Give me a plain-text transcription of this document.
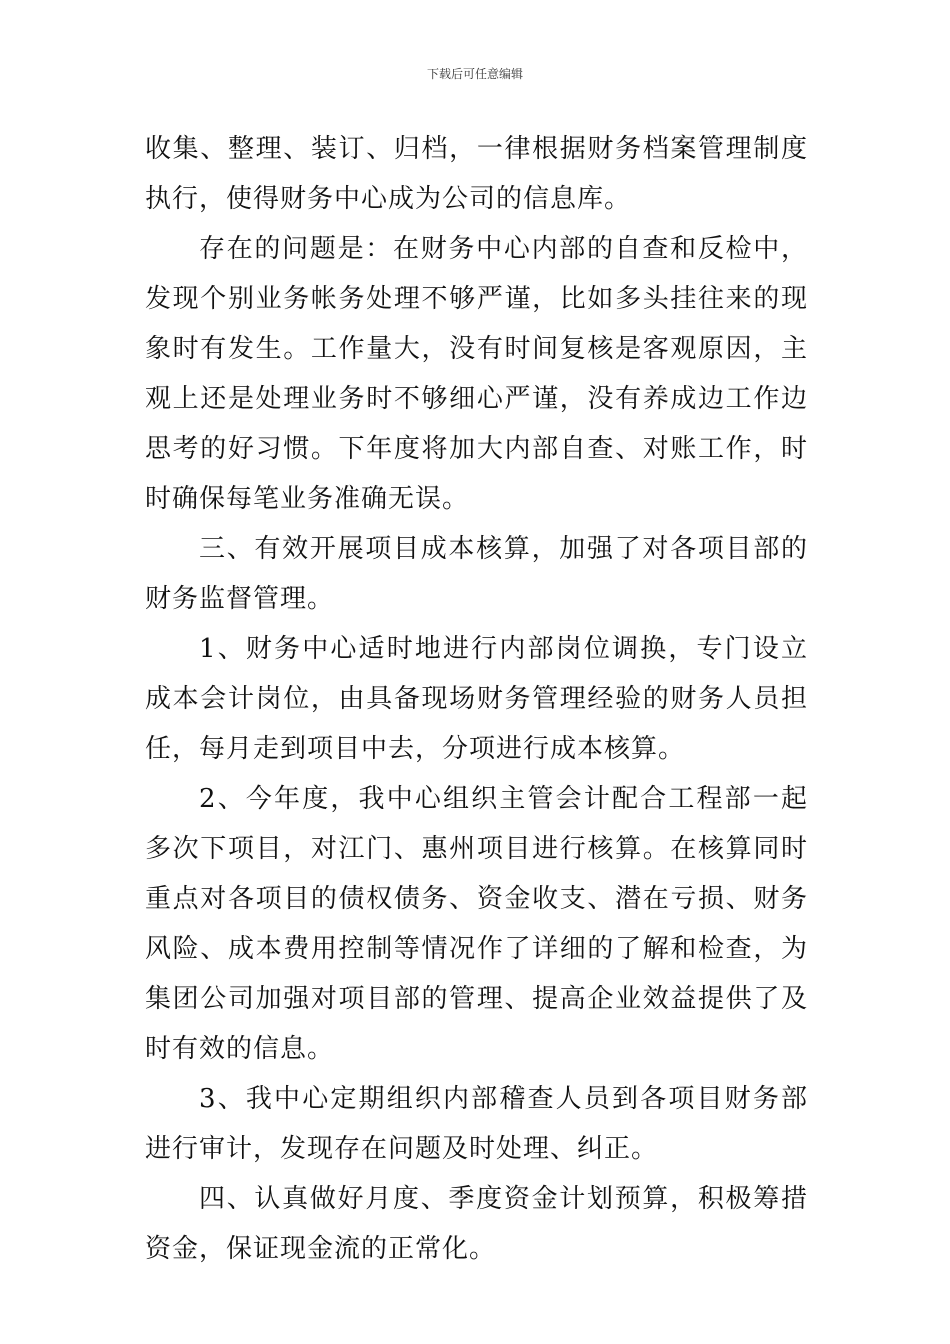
下载后可任意编辑

收集、整理、装订、归档，一律根据财务档案管理制度执行，使得财务中心成为公司的信息库。

存在的问题是：在财务中心内部的自查和反检中，发现个别业务帐务处理不够严谨，比如多头挂往来的现象时有发生。工作量大，没有时间复核是客观原因，主观上还是处理业务时不够细心严谨，没有养成边工作边思考的好习惯。下年度将加大内部自查、对账工作，时时确保每笔业务准确无误。

三、有效开展项目成本核算，加强了对各项目部的财务监督管理。

1、财务中心适时地进行内部岗位调换，专门设立成本会计岗位，由具备现场财务管理经验的财务人员担任，每月走到项目中去，分项进行成本核算。

2、今年度，我中心组织主管会计配合工程部一起多次下项目，对江门、惠州项目进行核算。在核算同时重点对各项目的债权债务、资金收支、潜在亏损、财务风险、成本费用控制等情况作了详细的了解和检查，为集团公司加强对项目部的管理、提高企业效益提供了及时有效的信息。

3、我中心定期组织内部稽查人员到各项目财务部进行审计，发现存在问题及时处理、纠正。

四、认真做好月度、季度资金计划预算，积极筹措资金，保证现金流的正常化。
